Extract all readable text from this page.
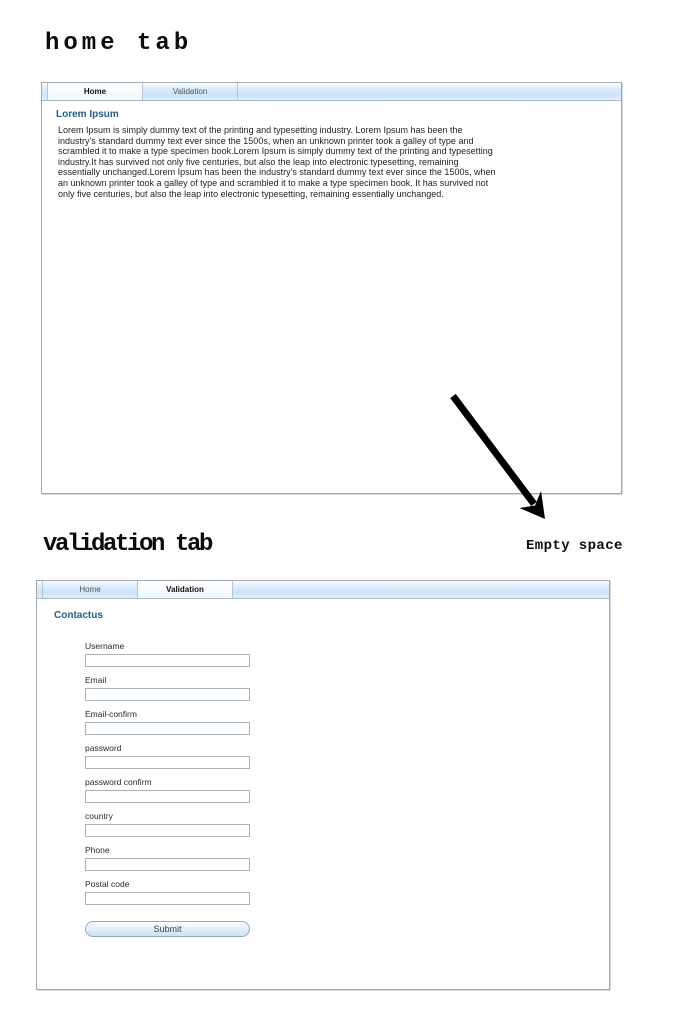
home tab
Home	Validation
Lorem Ipsum
Lorem Ipsum is simply dummy text of the printing and typesetting industry. Lorem Ipsum has been the industry's standard dummy text ever since the 1500s, when an unknown printer took a galley of type and scrambled it to make a type specimen book.Lorem Ipsum is simply dummy text of the printing and typesetting industry.It has survived not only five centuries, but also the leap into electronic typesetting, remaining essentially unchanged.Lorem Ipsum has been the industry's standard dummy text ever since the 1500s, when an unknown printer took a galley of type and scrambled it to make a type specimen book. It has survived not only five centuries, but also the leap into electronic typesetting, remaining essentially unchanged.
Empty space
validation tab
Home	Validation
Contactus
Username
Email
Email-confirm
password
password confirm
country
Phone
Postal code
Submit
